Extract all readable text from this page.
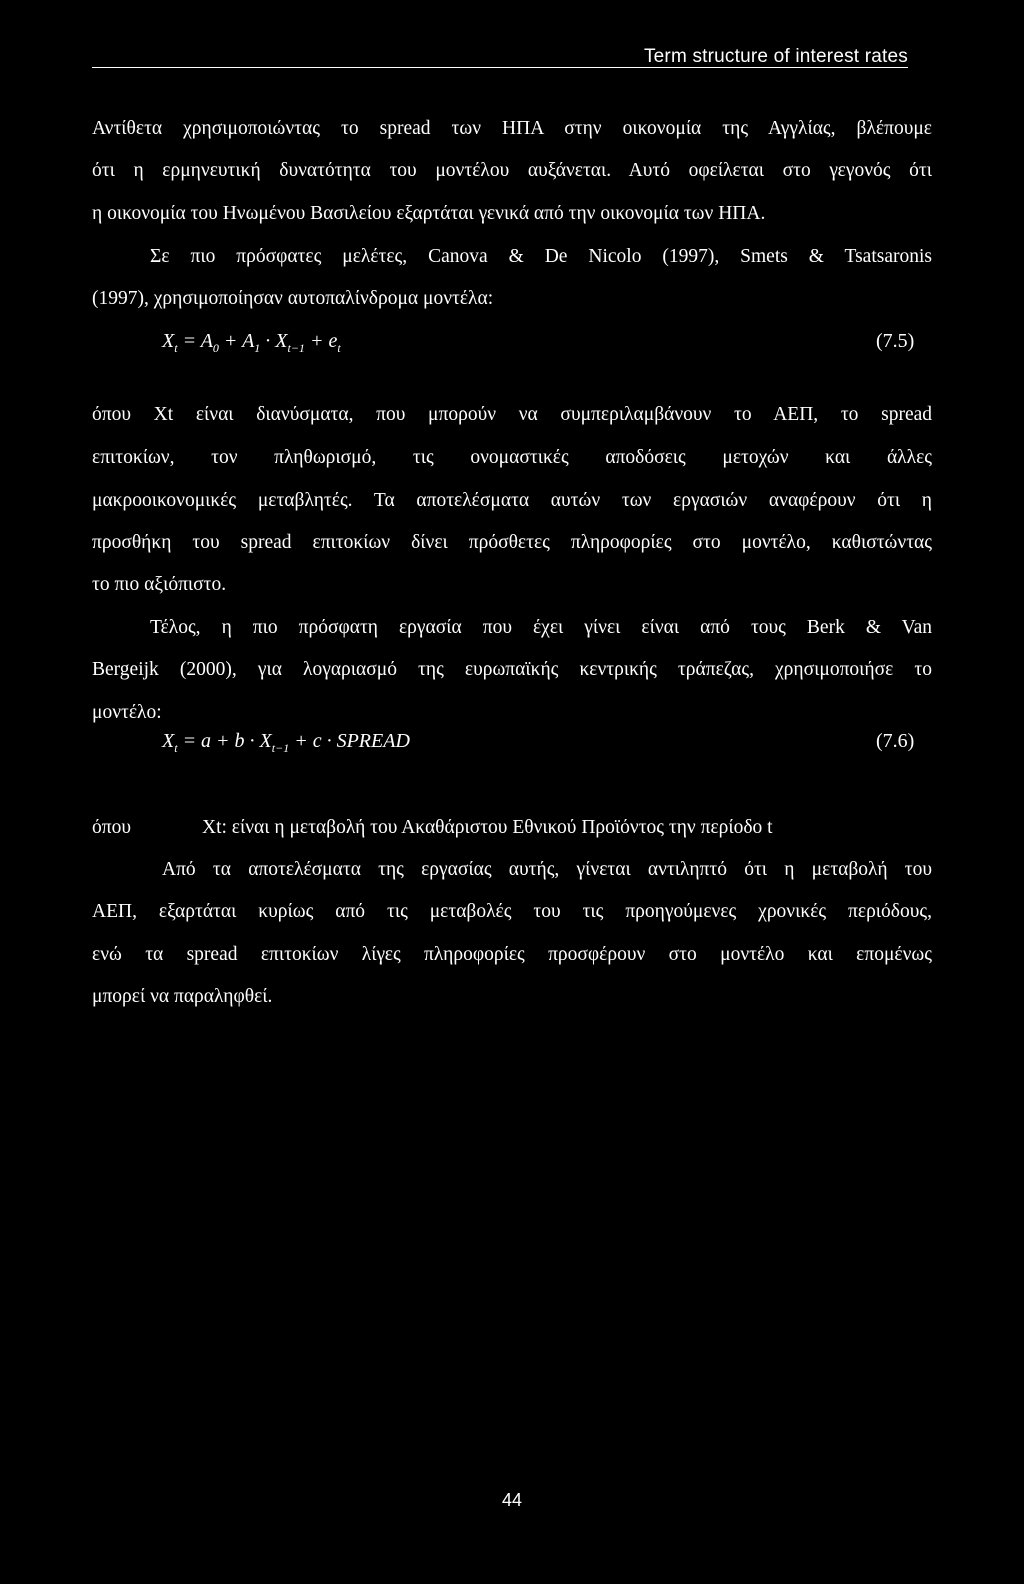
Term structure of interest rates
Αντίθετα χρησιμοποιώντας το spread των ΗΠΑ στην οικονομία της Αγγλίας, βλέπουμε
ότι η ερμηνευτική δυνατότητα του μοντέλου αυξάνεται. Αυτό οφείλεται στο γεγονός ότι
η οικονομία του Ηνωμένου Βασιλείου εξαρτάται γενικά από την οικονομία των ΗΠΑ.
Σε πιο πρόσφατες μελέτες, Canova & De Nicolo (1997), Smets & Tsatsaronis
(1997), χρησιμοποίησαν αυτοπαλίνδρομα μοντέλα:
$X_t = A_0 + A_1 \cdot X_{t-1} + e_t$	(7.5)
όπου Xt είναι διανύσματα, που μπορούν να συμπεριλαμβάνουν το ΑΕΠ, το spread
επιτοκίων, τον πληθωρισμό, τις ονομαστικές αποδόσεις μετοχών και άλλες
μακροοικονομικές μεταβλητές. Τα αποτελέσματα αυτών των εργασιών αναφέρουν ότι η
προσθήκη του spread επιτοκίων δίνει πρόσθετες πληροφορίες στο μοντέλο, καθιστώντας
το πιο αξιόπιστο.
Τέλος, η πιο πρόσφατη εργασία που έχει γίνει είναι από τους Berk & Van
Bergeijk (2000), για λογαριασμό της ευρωπαϊκής κεντρικής τράπεζας, χρησιμοποιήσε το
μοντέλο:
$X_t = a + b \cdot X_{t-1} + c$ · SPREAD	(7.6)
όπου	Xt: είναι η μεταβολή του Ακαθάριστου Εθνικού Προϊόντος την περίοδο t
Από τα αποτελέσματα της εργασίας αυτής, γίνεται αντιληπτό ότι η μεταβολή του
ΑΕΠ, εξαρτάται κυρίως από τις μεταβολές του τις προηγούμενες χρονικές περιόδους,
ενώ τα spread επιτοκίων λίγες πληροφορίες προσφέρουν στο μοντέλο και επομένως
μπορεί να παραληφθεί.
44
